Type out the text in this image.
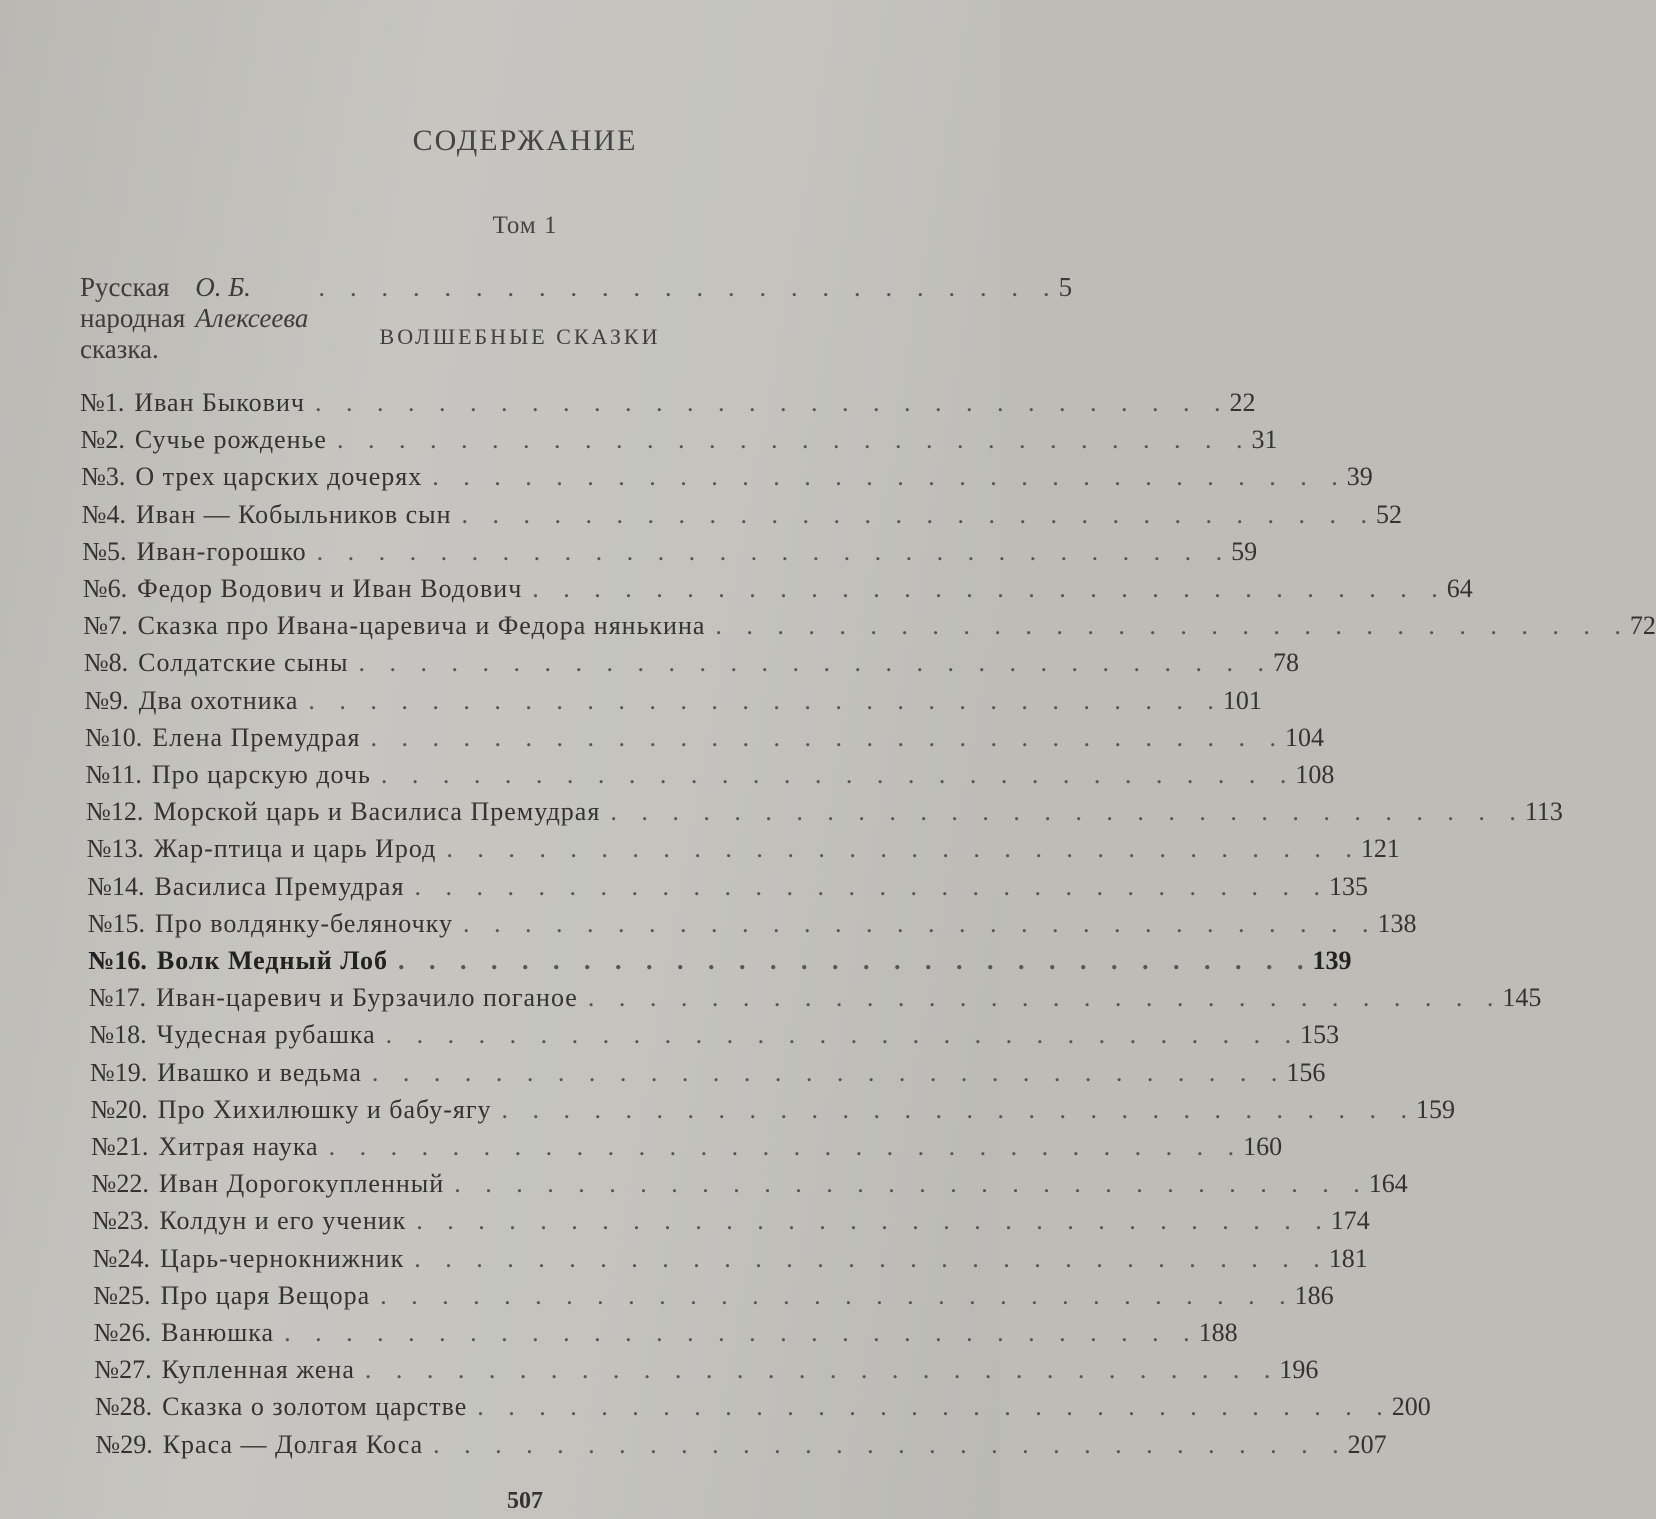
СОДЕРЖАНИЕ
Том 1
Русская народная сказка.
О. Б. Алексеева
. . . . . . . . . . . . . . . . . . . . . . . . 5
ВОЛШЕБНЫЕ СКАЗКИ
№ 1. Иван Быкович . . . . . . . . . . . . . . . . . . . . . . . . . . . . . . 22
№ 2. Сучье рожденье . . . . . . . . . . . . . . . . . . . . . . . . . . . . . . 31
№ 3. О трех царских дочерях . . . . . . . . . . . . . . . . . . . . . . . . . . . . . . 39
№ 4. Иван — Кобыльников сын . . . . . . . . . . . . . . . . . . . . . . . . . . . . . . 52
№ 5. Иван-горошко . . . . . . . . . . . . . . . . . . . . . . . . . . . . . . 59
№ 6. Федор Водович и Иван Водович . . . . . . . . . . . . . . . . . . . . . . . . . . . . . . 64
№ 7. Сказка про Ивана-царевича и Федора нянькина . . . . . . . . . . . . . . . . . . . . . . . . . . . . . . 72
№ 8. Солдатские сыны . . . . . . . . . . . . . . . . . . . . . . . . . . . . . . 78
№ 9. Два охотника . . . . . . . . . . . . . . . . . . . . . . . . . . . . . . 101
№ 10. Елена Премудрая . . . . . . . . . . . . . . . . . . . . . . . . . . . . . . 104
№ 11. Про царскую дочь . . . . . . . . . . . . . . . . . . . . . . . . . . . . . . 108
№ 12. Морской царь и Василиса Премудрая . . . . . . . . . . . . . . . . . . . . . . . . . . . . . . 113
№ 13. Жар-птица и царь Ирод . . . . . . . . . . . . . . . . . . . . . . . . . . . . . . 121
№ 14. Василиса Премудрая . . . . . . . . . . . . . . . . . . . . . . . . . . . . . . 135
№ 15. Про волдянку-беляночку . . . . . . . . . . . . . . . . . . . . . . . . . . . . . . 138
№ 16. Волк Медный Лоб . . . . . . . . . . . . . . . . . . . . . . . . . . . . . . 139
№ 17. Иван-царевич и Бурзачило поганое . . . . . . . . . . . . . . . . . . . . . . . . . . . . . . 145
№ 18. Чудесная рубашка . . . . . . . . . . . . . . . . . . . . . . . . . . . . . . 153
№ 19. Ивашко и ведьма . . . . . . . . . . . . . . . . . . . . . . . . . . . . . . 156
№ 20. Про Хихилюшку и бабу-ягу . . . . . . . . . . . . . . . . . . . . . . . . . . . . . . 159
№ 21. Хитрая наука . . . . . . . . . . . . . . . . . . . . . . . . . . . . . . 160
№ 22. Иван Дорогокупленный . . . . . . . . . . . . . . . . . . . . . . . . . . . . . . 164
№ 23. Колдун и его ученик . . . . . . . . . . . . . . . . . . . . . . . . . . . . . . 174
№ 24. Царь-чернокнижник . . . . . . . . . . . . . . . . . . . . . . . . . . . . . . 181
№ 25. Про царя Вещора . . . . . . . . . . . . . . . . . . . . . . . . . . . . . . 186
№ 26. Ванюшка . . . . . . . . . . . . . . . . . . . . . . . . . . . . . . 188
№ 27. Купленная жена . . . . . . . . . . . . . . . . . . . . . . . . . . . . . . 196
№ 28. Сказка о золотом царстве . . . . . . . . . . . . . . . . . . . . . . . . . . . . . . 200
№ 29. Краса — Долгая Коса . . . . . . . . . . . . . . . . . . . . . . . . . . . . . . 207
507
